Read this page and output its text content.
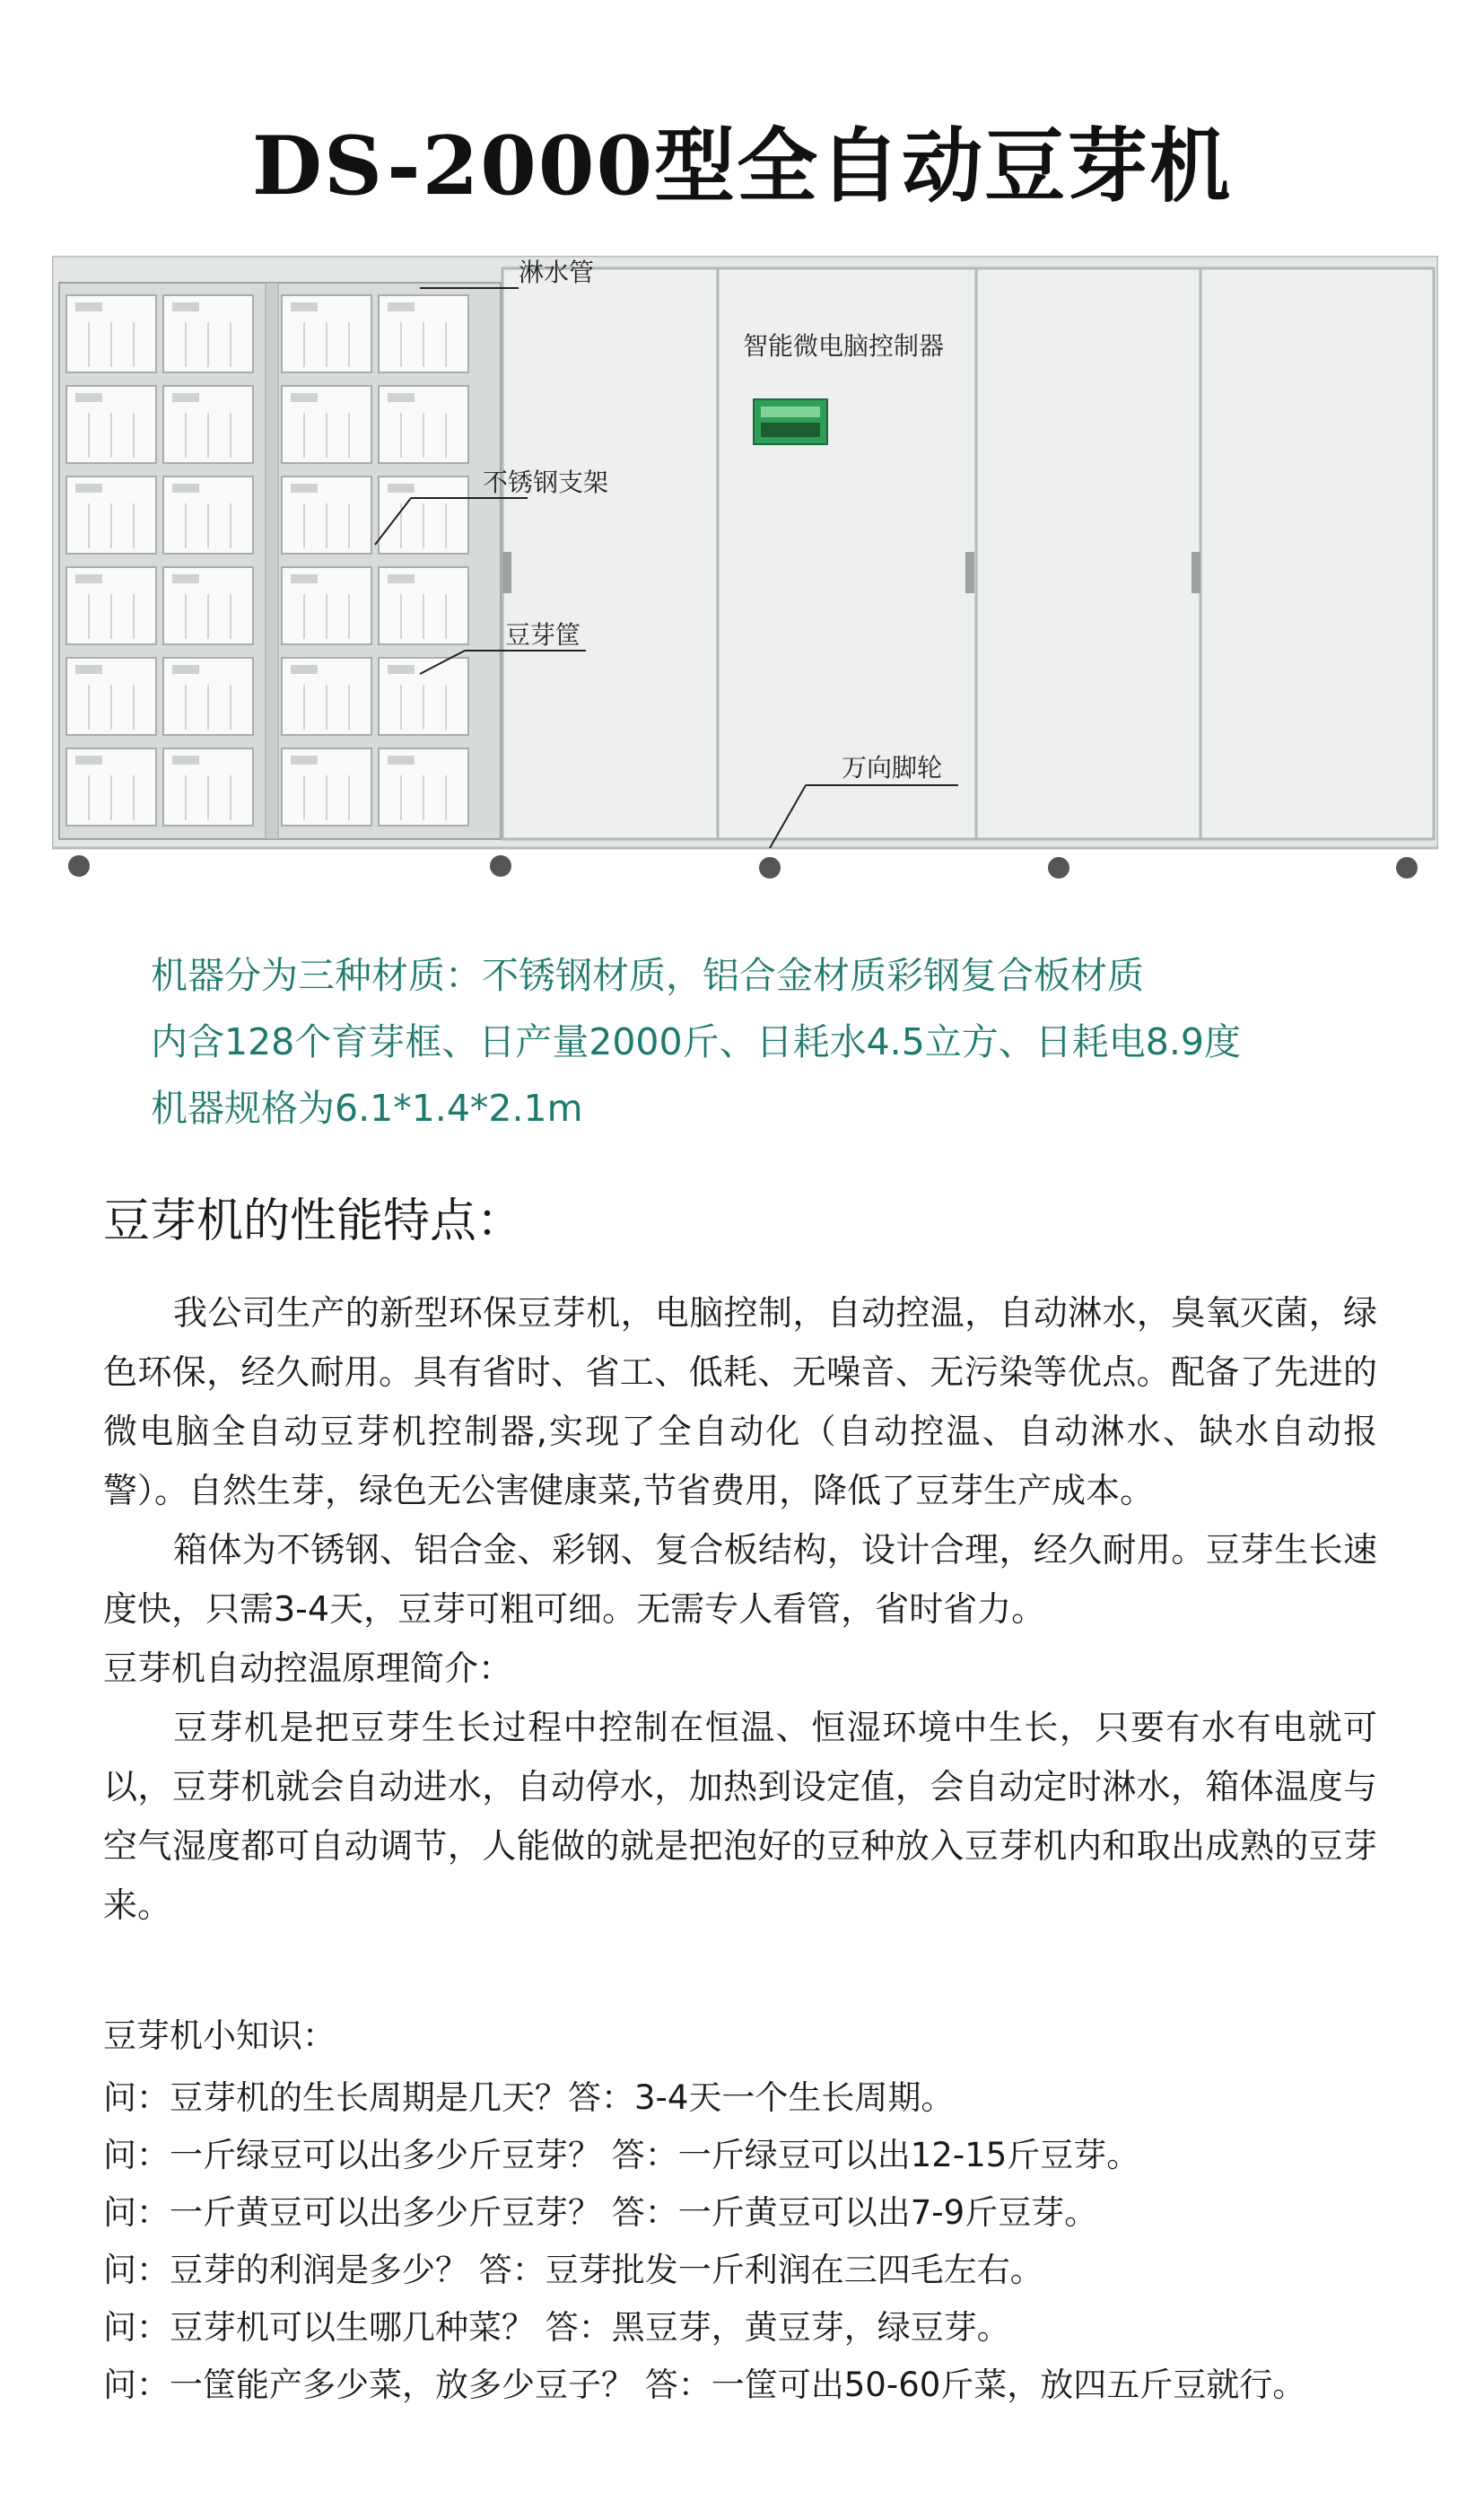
DS-2000型全自动豆芽机
淋水管
智能微电脑控制器
不锈钢支架
豆芽筐
万向脚轮
机器分为三种材质：不锈钢材质，铝合金材质彩钢复合板材质
内含128个育芽框、日产量2000斤、日耗水4.5立方、日耗电8.9度
机器规格为6.1*1.4*2.1m
豆芽机的性能特点：

我公司生产的新型环保豆芽机，电脑控制，自动控温，自动淋水，臭氧灭菌，绿色环保，经久耐用。具有省时、省工、低耗、无噪音、无污染等优点。配备了先进的微电脑全自动豆芽机控制器,实现了全自动化（自动控温、自动淋水、缺水自动报警）。自然生芽，绿色无公害健康菜,节省费用，降低了豆芽生产成本。

箱体为不锈钢、铝合金、彩钢、复合板结构，设计合理，经久耐用。豆芽生长速度快，只需3-4天，豆芽可粗可细。无需专人看管，省时省力。

豆芽机自动控温原理简介：

豆芽机是把豆芽生长过程中控制在恒温、恒湿环境中生长，只要有水有电就可以，豆芽机就会自动进水，自动停水，加热到设定值，会自动定时淋水，箱体温度与空气湿度都可自动调节，人能做的就是把泡好的豆种放入豆芽机内和取出成熟的豆芽来。

豆芽机小知识：
问：豆芽机的生长周期是几天？答：3-4天一个生长周期。
问：一斤绿豆可以出多少斤豆芽？ 答：一斤绿豆可以出12-15斤豆芽。
问：一斤黄豆可以出多少斤豆芽？ 答：一斤黄豆可以出7-9斤豆芽。
问：豆芽的利润是多少？ 答：豆芽批发一斤利润在三四毛左右。
问：豆芽机可以生哪几种菜？ 答：黑豆芽，黄豆芽，绿豆芽。
问：一筐能产多少菜，放多少豆子？ 答：一筐可出50-60斤菜，放四五斤豆就行。
